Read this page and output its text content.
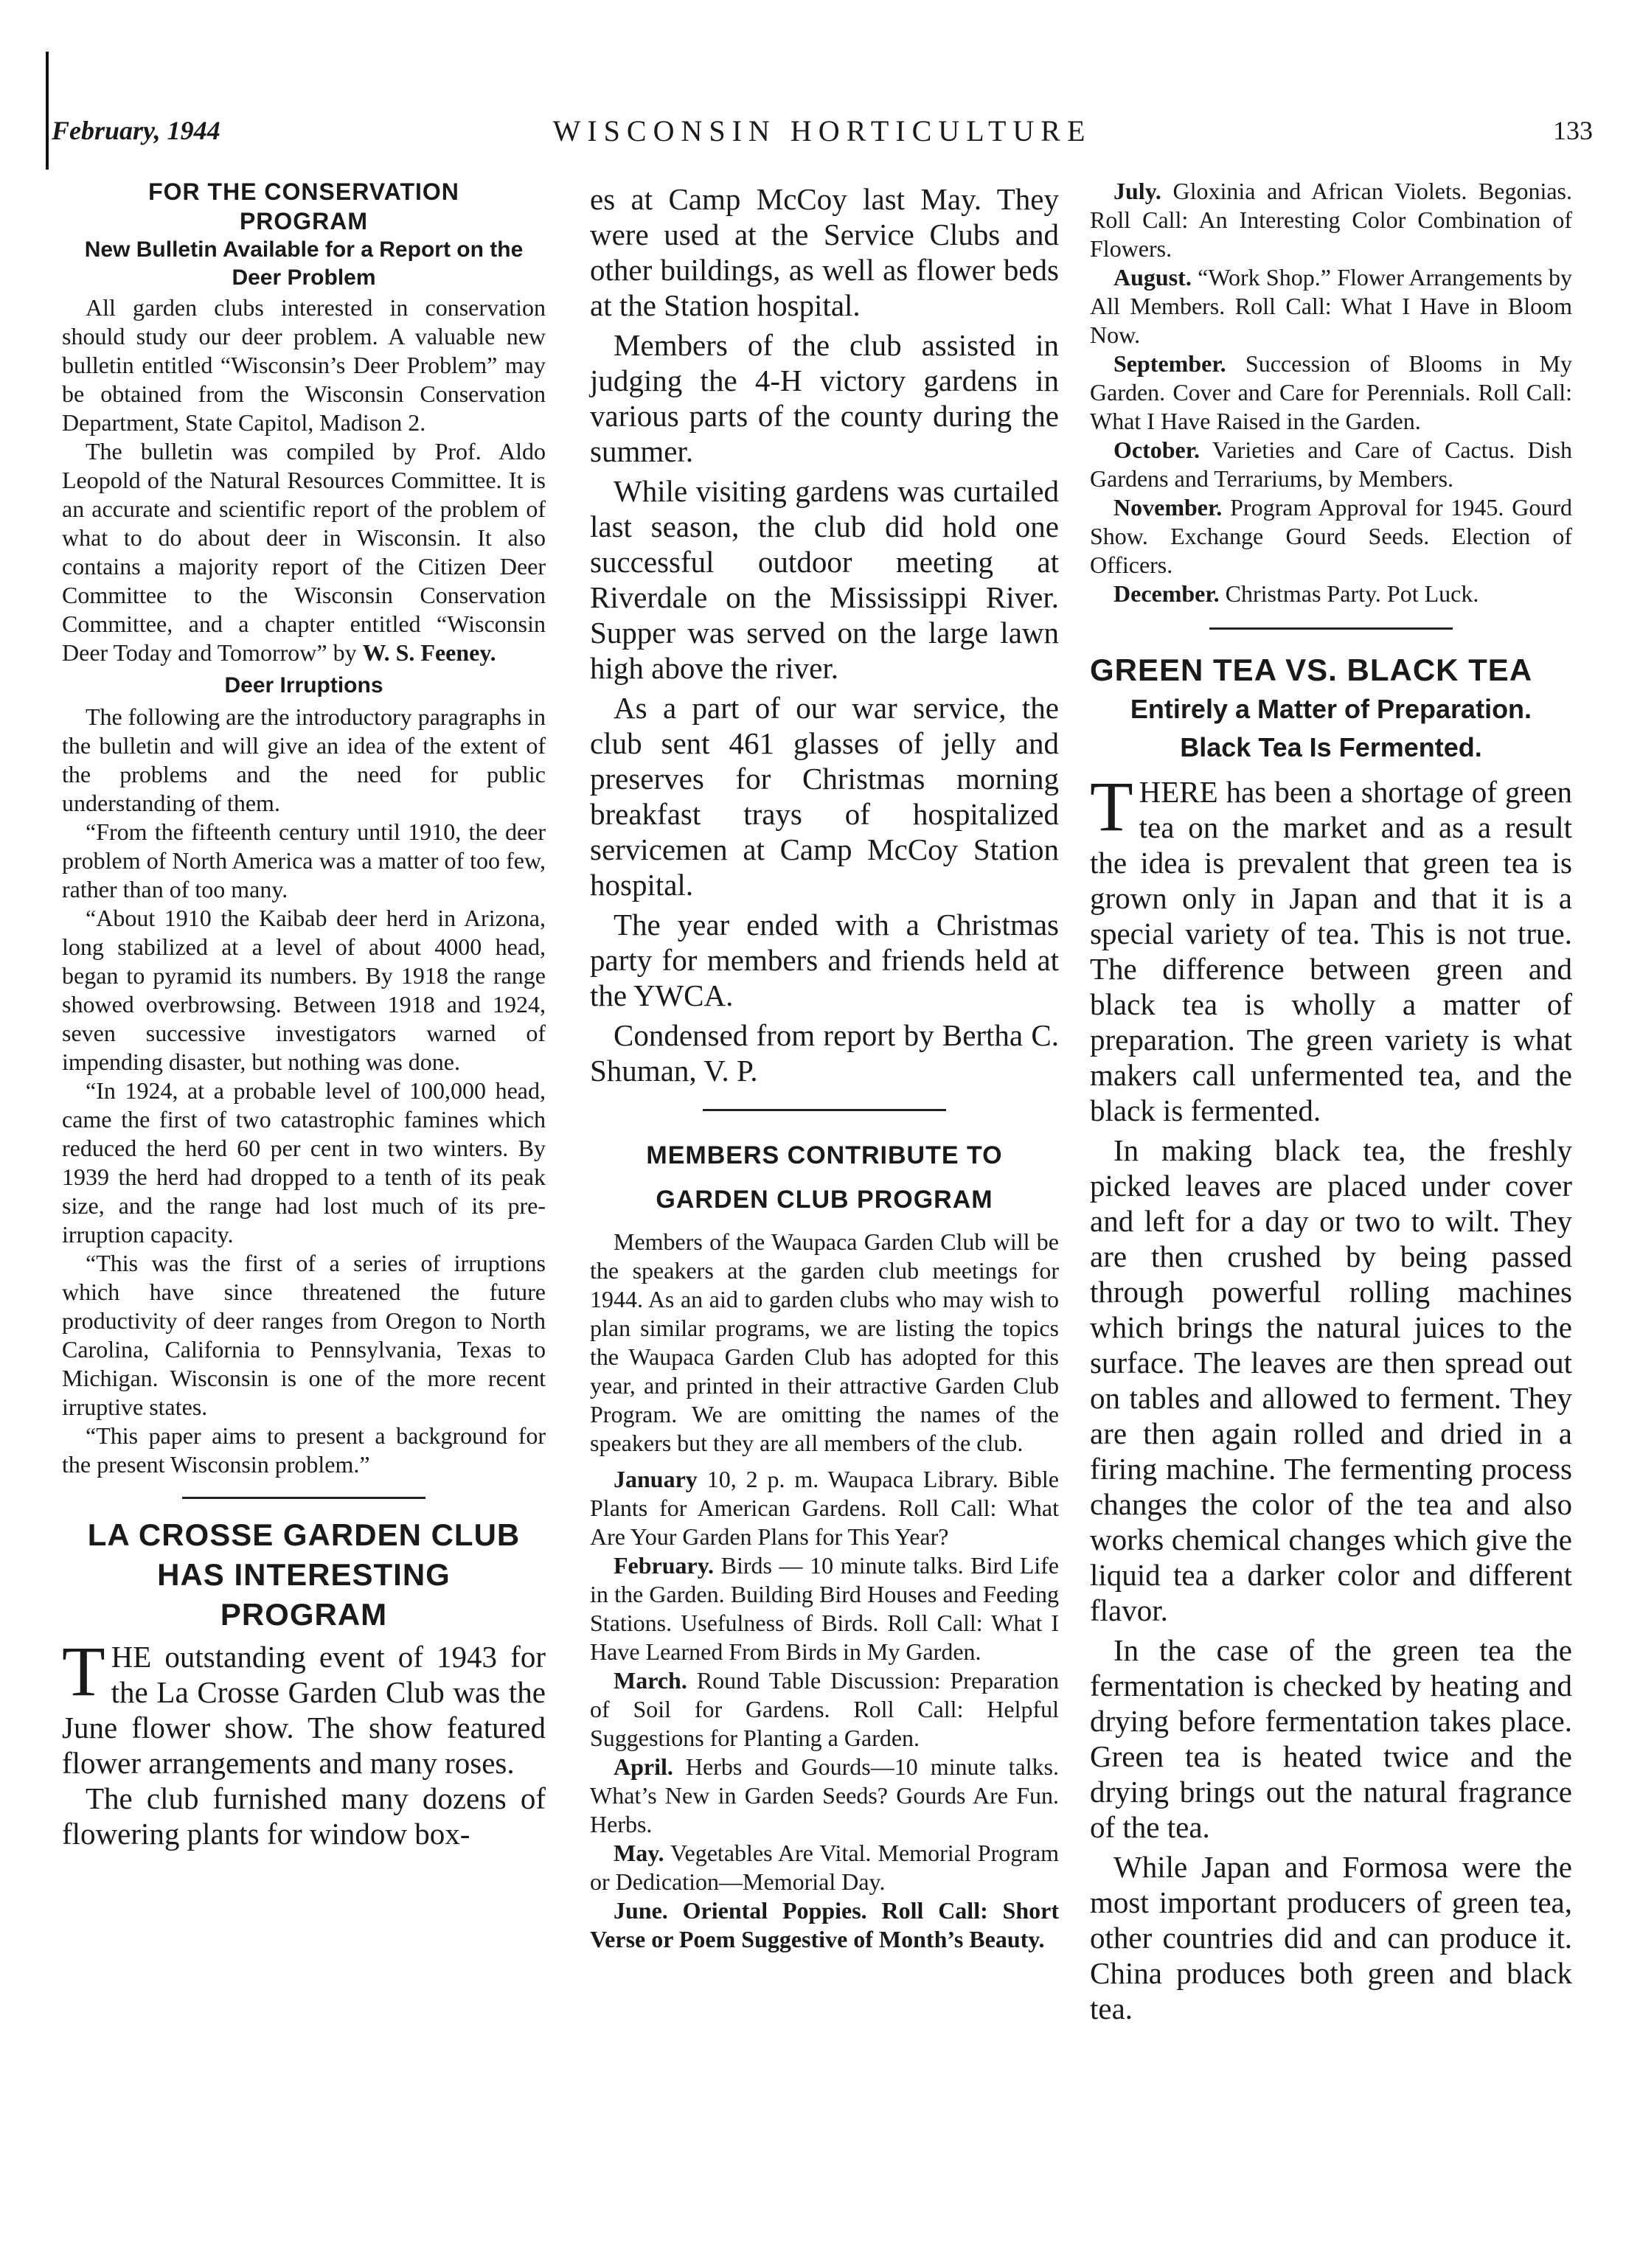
February, 1944	WISCONSIN HORTICULTURE	133
FOR THE CONSERVATION PROGRAM
New Bulletin Available for a Report on the Deer Problem

All garden clubs interested in conservation should study our deer problem. A valuable new bulletin entitled “Wisconsin’s Deer Problem” may be obtained from the Wisconsin Conservation Department, State Capitol, Madison 2.

The bulletin was compiled by Prof. Aldo Leopold of the Natural Resources Committee. It is an accurate and scientific report of the problem of what to do about deer in Wisconsin. It also contains a majority report of the Citizen Deer Committee to the Wisconsin Conservation Committee, and a chapter entitled “Wisconsin Deer Today and Tomorrow” by W. S. Feeney.

Deer Irruptions

The following are the introductory paragraphs in the bulletin and will give an idea of the extent of the problems and the need for public understanding of them.

“From the fifteenth century until 1910, the deer problem of North America was a matter of too few, rather than of too many.

“About 1910 the Kaibab deer herd in Arizona, long stabilized at a level of about 4000 head, began to pyramid its numbers. By 1918 the range showed overbrowsing. Between 1918 and 1924, seven successive investigators warned of impending disaster, but nothing was done.

“In 1924, at a probable level of 100,000 head, came the first of two catastrophic famines which reduced the herd 60 per cent in two winters. By 1939 the herd had dropped to a tenth of its peak size, and the range had lost much of its pre-irruption capacity.

“This was the first of a series of irruptions which have since threatened the future productivity of deer ranges from Oregon to North Carolina, California to Pennsylvania, Texas to Michigan. Wisconsin is one of the more recent irruptive states.

“This paper aims to present a background for the present Wisconsin problem.”

LA CROSSE GARDEN CLUB HAS INTERESTING PROGRAM

THE outstanding event of 1943 for the La Crosse Garden Club was the June flower show. The show featured flower arrangements and many roses.

The club furnished many dozens of flowering plants for window box-

es at Camp McCoy last May. They were used at the Service Clubs and other buildings, as well as flower beds at the Station hospital.

Members of the club assisted in judging the 4-H victory gardens in various parts of the county during the summer.

While visiting gardens was curtailed last season, the club did hold one successful outdoor meeting at Riverdale on the Mississippi River. Supper was served on the large lawn high above the river.

As a part of our war service, the club sent 461 glasses of jelly and preserves for Christmas morning breakfast trays of hospitalized servicemen at Camp McCoy Station hospital.

The year ended with a Christmas party for members and friends held at the YWCA.

Condensed from report by Bertha C. Shuman, V. P.

MEMBERS CONTRIBUTE TO GARDEN CLUB PROGRAM

Members of the Waupaca Garden Club will be the speakers at the garden club meetings for 1944. As an aid to garden clubs who may wish to plan similar programs, we are listing the topics the Waupaca Garden Club has adopted for this year, and printed in their attractive Garden Club Program. We are omitting the names of the speakers but they are all members of the club.

January 10, 2 p. m. Waupaca Library. Bible Plants for American Gardens. Roll Call: What Are Your Garden Plans for This Year?

February. Birds — 10 minute talks. Bird Life in the Garden. Building Bird Houses and Feeding Stations. Usefulness of Birds. Roll Call: What I Have Learned From Birds in My Garden.

March. Round Table Discussion: Preparation of Soil for Gardens. Roll Call: Helpful Suggestions for Planting a Garden.

April. Herbs and Gourds—10 minute talks. What’s New in Garden Seeds? Gourds Are Fun. Herbs.

May. Vegetables Are Vital. Memorial Program or Dedication—Memorial Day.

June. Oriental Poppies. Roll Call: Short Verse or Poem Suggestive of Month’s Beauty.

July. Gloxinia and African Violets. Begonias. Roll Call: An Interesting Color Combination of Flowers.

August. “Work Shop.” Flower Arrangements by All Members. Roll Call: What I Have in Bloom Now.

September. Succession of Blooms in My Garden. Cover and Care for Perennials. Roll Call: What I Have Raised in the Garden.

October. Varieties and Care of Cactus. Dish Gardens and Terrariums, by Members.

November. Program Approval for 1945. Gourd Show. Exchange Gourd Seeds. Election of Officers.

December. Christmas Party. Pot Luck.

GREEN TEA VS. BLACK TEA
Entirely a Matter of Preparation.
Black Tea Is Fermented.

THERE has been a shortage of green tea on the market and as a result the idea is prevalent that green tea is grown only in Japan and that it is a special variety of tea. This is not true. The difference between green and black tea is wholly a matter of preparation. The green variety is what makers call unfermented tea, and the black is fermented.

In making black tea, the freshly picked leaves are placed under cover and left for a day or two to wilt. They are then crushed by being passed through powerful rolling machines which brings the natural juices to the surface. The leaves are then spread out on tables and allowed to ferment. They are then again rolled and dried in a firing machine. The fermenting process changes the color of the tea and also works chemical changes which give the liquid tea a darker color and different flavor.

In the case of the green tea the fermentation is checked by heating and drying before fermentation takes place. Green tea is heated twice and the drying brings out the natural fragrance of the tea.

While Japan and Formosa were the most important producers of green tea, other countries did and can produce it. China produces both green and black tea.
